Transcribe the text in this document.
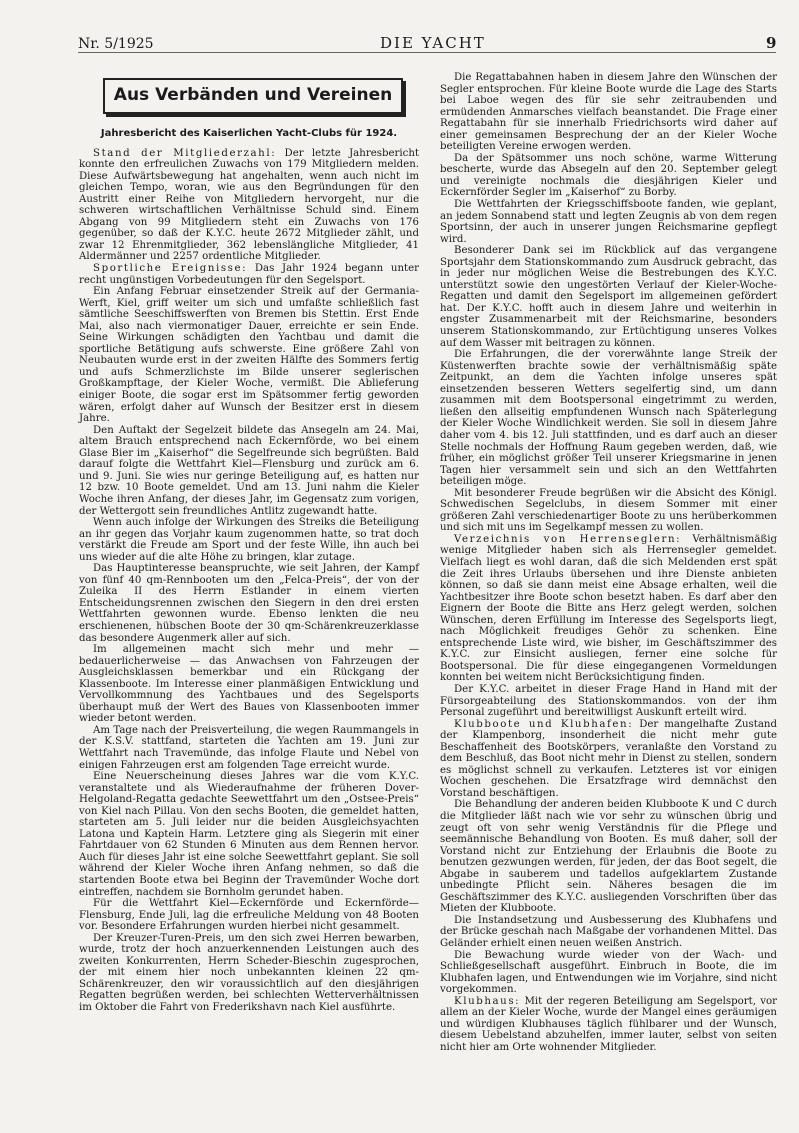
Nr. 5/1925	DIE YACHT	9
Aus Verbänden und Vereinen
Jahresbericht des Kaiserlichen Yacht-Clubs für 1924.

Stand der Mitgliederzahl: Der letzte Jahresbericht konnte den erfreulichen Zuwachs von 179 Mitgliedern melden. Diese Aufwärtsbewegung hat angehalten, wenn auch nicht im gleichen Tempo, woran, wie aus den Begründungen für den Austritt einer Reihe von Mitgliedern hervorgeht, nur die schweren wirtschaftlichen Verhältnisse Schuld sind. Einem Abgang von 99 Mitgliedern steht ein Zuwachs von 176 gegenüber, so daß der K.Y.C. heute 2672 Mitglieder zählt, und zwar 12 Ehrenmitglieder, 362 lebenslängliche Mitglieder, 41 Aldermänner und 2257 ordentliche Mitglieder.

Sportliche Ereignisse: Das Jahr 1924 begann unter recht ungünstigen Vorbedeutungen für den Segelsport.

Ein Anfang Februar einsetzender Streik auf der Germania-Werft, Kiel, griff weiter um sich und umfaßte schließlich fast sämtliche Seeschiffswerften von Bremen bis Stettin. Erst Ende Mai, also nach viermonatiger Dauer, erreichte er sein Ende. Seine Wirkungen schädigten den Yachtbau und damit die sportliche Betätigung aufs schwerste. Eine größere Zahl von Neubauten wurde erst in der zweiten Hälfte des Sommers fertig und aufs Schmerzlichste im Bilde unserer seglerischen Großkampftage, der Kieler Woche, vermißt. Die Ablieferung einiger Boote, die sogar erst im Spätsommer fertig geworden wären, erfolgt daher auf Wunsch der Besitzer erst in diesem Jahre.

Den Auftakt der Segelzeit bildete das Ansegeln am 24. Mai, altem Brauch entsprechend nach Eckernförde, wo bei einem Glase Bier im „Kaiserhof“ die Segelfreunde sich begrüßten. Bald darauf folgte die Wettfahrt Kiel—Flensburg und zurück am 6. und 9. Juni. Sie wies nur geringe Beteiligung auf, es hatten nur 12 bzw. 10 Boote gemeldet. Und am 13. Juni nahm die Kieler Woche ihren Anfang, der dieses Jahr, im Gegensatz zum vorigen, der Wettergott sein freundliches Antlitz zugewandt hatte.

Wenn auch infolge der Wirkungen des Streiks die Beteiligung an ihr gegen das Vorjahr kaum zugenommen hatte, so trat doch verstärkt die Freude am Sport und der feste Wille, ihn auch bei uns wieder auf die alte Höhe zu bringen, klar zutage.

Das Hauptinteresse beanspruchte, wie seit Jahren, der Kampf von fünf 40 qm-Rennbooten um den „Felca-Preis“, der von der Zuleika II des Herrn Estlander in einem vierten Entscheidungsrennen zwischen den Siegern in den drei ersten Wettfahrten gewonnen wurde. Ebenso lenkten die neu erschienenen, hübschen Boote der 30 qm-Schärenkreuzerklasse das besondere Augenmerk aller auf sich.

Im allgemeinen macht sich mehr und mehr — bedauerlicherweise — das Anwachsen von Fahrzeugen der Ausgleichsklassen bemerkbar und ein Rückgang der Klassenboote. Im Interesse einer planmäßigen Entwicklung und Vervollkommnung des Yachtbaues und des Segelsports überhaupt muß der Wert des Baues von Klassenbooten immer wieder betont werden.

Am Tage nach der Preisverteilung, die wegen Raummangels in der K.S.V. stattfand, starteten die Yachten am 19. Juni zur Wettfahrt nach Travemünde, das infolge Flaute und Nebel von einigen Fahrzeugen erst am folgenden Tage erreicht wurde.

Eine Neuerscheinung dieses Jahres war die vom K.Y.C. veranstaltete und als Wiederaufnahme der früheren Dover-Helgoland-Regatta gedachte Seewettfahrt um den „Ostsee-Preis“ von Kiel nach Pillau. Von den sechs Booten, die gemeldet hatten, starteten am 5. Juli leider nur die beiden Ausgleichsyachten Latona und Kaptein Harm. Letztere ging als Siegerin mit einer Fahrtdauer von 62 Stunden 6 Minuten aus dem Rennen hervor. Auch für dieses Jahr ist eine solche Seewettfahrt geplant. Sie soll während der Kieler Woche ihren Anfang nehmen, so daß die startenden Boote etwa bei Beginn der Travemünder Woche dort eintreffen, nachdem sie Bornholm gerundet haben.

Für die Wettfahrt Kiel—Eckernförde und Eckernförde—Flensburg, Ende Juli, lag die erfreuliche Meldung von 48 Booten vor. Besondere Erfahrungen wurden hierbei nicht gesammelt.

Der Kreuzer-Turen-Preis, um den sich zwei Herren bewarben, wurde, trotz der hoch anzuerkennenden Leistungen auch des zweiten Konkurrenten, Herrn Scheder-Bieschin zugesprochen, der mit einem hier noch unbekannten kleinen 22 qm-Schärenkreuzer, den wir voraussichtlich auf den diesjährigen Regatten begrüßen werden, bei schlechten Wetterverhältnissen im Oktober die Fahrt von Frederikshavn nach Kiel ausführte.

Die Regattabahnen haben in diesem Jahre den Wünschen der Segler entsprochen. Für kleine Boote wurde die Lage des Starts bei Laboe wegen des für sie sehr zeitraubenden und ermüdenden Anmarsches vielfach beanstandet. Die Frage einer Regattabahn für sie innerhalb Friedrichsorts wird daher auf einer gemeinsamen Besprechung der an der Kieler Woche beteiligten Vereine erwogen werden.

Da der Spätsommer uns noch schöne, warme Witterung bescherte, wurde das Absegeln auf den 20. September gelegt und vereinigte nochmals die diesjährigen Kieler und Eckernförder Segler im „Kaiserhof“ zu Borby.

Die Wettfahrten der Kriegsschiffsboote fanden, wie geplant, an jedem Sonnabend statt und legten Zeugnis ab von dem regen Sportsinn, der auch in unserer jungen Reichsmarine gepflegt wird.

Besonderer Dank sei im Rückblick auf das vergangene Sportsjahr dem Stationskommando zum Ausdruck gebracht, das in jeder nur möglichen Weise die Bestrebungen des K.Y.C. unterstützt sowie den ungestörten Verlauf der Kieler-Woche-Regatten und damit den Segelsport im allgemeinen gefördert hat. Der K.Y.C. hofft auch in diesem Jahre und weiterhin in engster Zusammenarbeit mit der Reichsmarine, besonders unserem Stationskommando, zur Ertüchtigung unseres Volkes auf dem Wasser mit beitragen zu können.

Die Erfahrungen, die der vorerwähnte lange Streik der Küstenwerften brachte sowie der verhältnismäßig späte Zeitpunkt, an dem die Yachten infolge unseres spät einsetzenden besseren Wetters segelfertig sind, um dann zusammen mit dem Bootspersonal eingetrimmt zu werden, ließen den allseitig empfundenen Wunsch nach Späterlegung der Kieler Woche Windlichkeit werden. Sie soll in diesem Jahre daher vom 4. bis 12. Juli stattfinden, und es darf auch an dieser Stelle nochmals der Hoffnung Raum gegeben werden, daß, wie früher, ein möglichst größer Teil unserer Kriegsmarine in jenen Tagen hier versammelt sein und sich an den Wettfahrten beteiligen möge.

Mit besonderer Freude begrüßen wir die Absicht des Königl. Schwedischen Segelclubs, in diesem Sommer mit einer größeren Zahl verschiedenartiger Boote zu uns herüberkommen und sich mit uns im Segelkampf messen zu wollen.

Verzeichnis von Herrenseglern: Verhältnismäßig wenige Mitglieder haben sich als Herrensegler gemeldet. Vielfach liegt es wohl daran, daß die sich Meldenden erst spät die Zeit ihres Urlaubs übersehen und ihre Dienste anbieten können, so daß sie dann meist eine Absage erhalten, weil die Yachtbesitzer ihre Boote schon besetzt haben. Es darf aber den Eignern der Boote die Bitte ans Herz gelegt werden, solchen Wünschen, deren Erfüllung im Interesse des Segelsports liegt, nach Möglichkeit freudiges Gehör zu schenken. Eine entsprechende Liste wird, wie bisher, im Geschäftszimmer des K.Y.C. zur Einsicht ausliegen, ferner eine solche für Bootspersonal. Die für diese eingegangenen Vormeldungen konnten bei weitem nicht Berücksichtigung finden.

Der K.Y.C. arbeitet in dieser Frage Hand in Hand mit der Fürsorgeabteilung des Stationskommandos. von der ihm Personal zugeführt und bereitwilligst Auskunft erteilt wird.

Klubboote und Klubhafen: Der mangelhafte Zustand der Klampenborg, insonderheit die nicht mehr gute Beschaffenheit des Bootskörpers, veranlaßte den Vorstand zu dem Beschluß, das Boot nicht mehr in Dienst zu stellen, sondern es möglichst schnell zu verkaufen. Letzteres ist vor einigen Wochen geschehen. Die Ersatzfrage wird demnächst den Vorstand beschäftigen.

Die Behandlung der anderen beiden Klubboote K und C durch die Mitglieder läßt nach wie vor sehr zu wünschen übrig und zeugt oft von sehr wenig Verständnis für die Pflege und seemännische Behandlung von Booten. Es muß daher, soll der Vorstand nicht zur Entziehung der Erlaubnis die Boote zu benutzen gezwungen werden, für jeden, der das Boot segelt, die Abgabe in sauberem und tadellos aufgeklartem Zustande unbedingte Pflicht sein. Näheres besagen die im Geschäftszimmer des K.Y.C. ausliegenden Vorschriften über das Mieten der Klubboote.

Die Instandsetzung und Ausbesserung des Klubhafens und der Brücke geschah nach Maßgabe der vorhandenen Mittel. Das Geländer erhielt einen neuen weißen Anstrich.

Die Bewachung wurde wieder von der Wach- und Schließgesellschaft ausgeführt. Einbruch in Boote, die im Klubhafen lagen, und Entwendungen wie im Vorjahre, sind nicht vorgekommen.

Klubhaus: Mit der regeren Beteiligung am Segelsport, vor allem an der Kieler Woche, wurde der Mangel eines geräumigen und würdigen Klubhauses täglich fühlbarer und der Wunsch, diesem Uebelstand abzuhelfen, immer lauter, selbst von seiten nicht hier am Orte wohnender Mitglieder.
